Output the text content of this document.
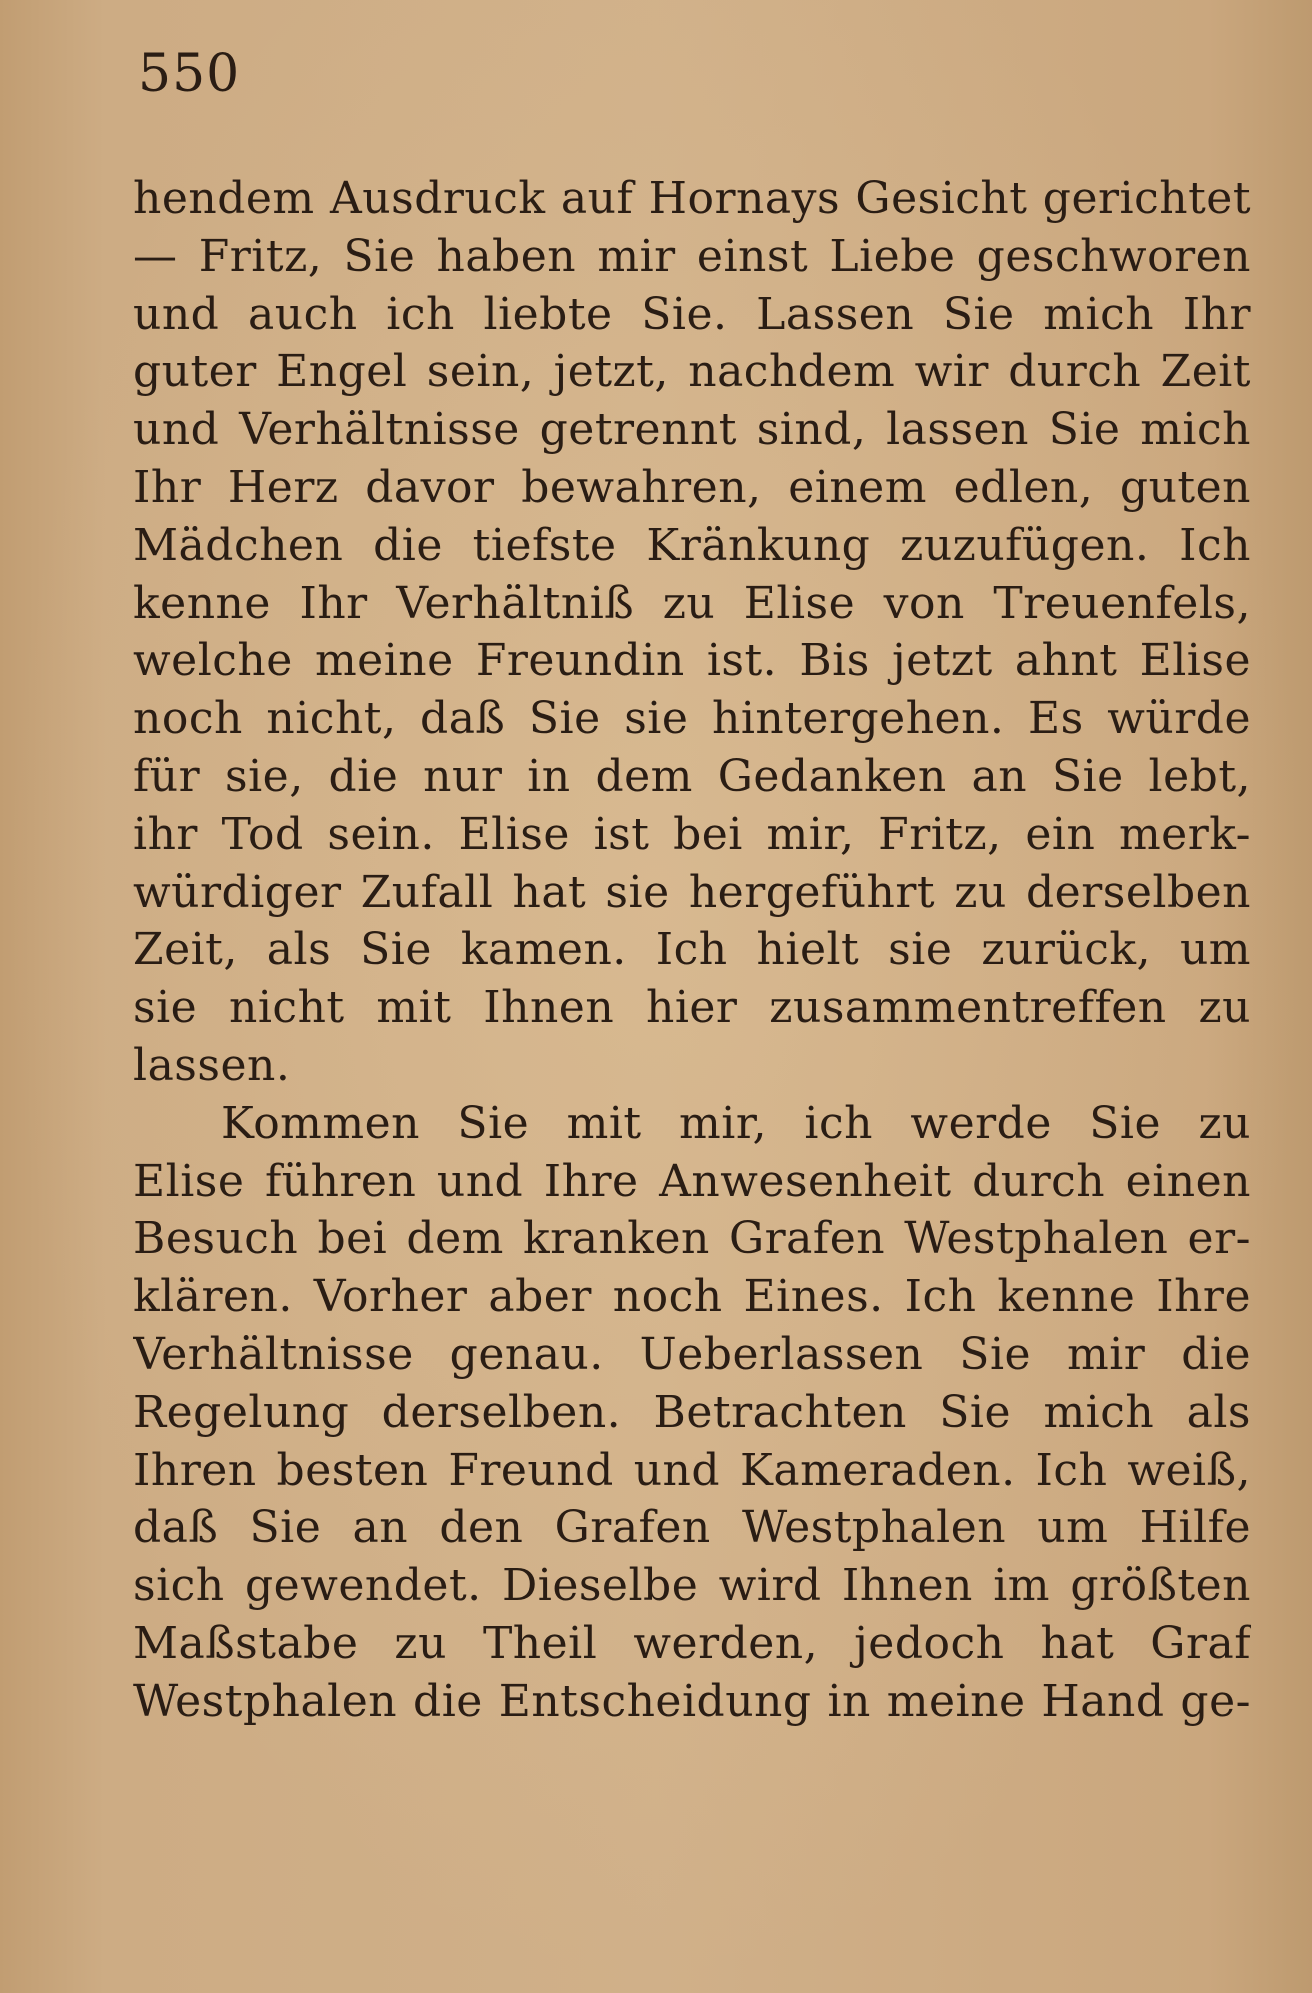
550

hendem Ausdruck auf Hornays Gesicht gerichtet
— Fritz, Sie haben mir einst Liebe geschworen
und auch ich liebte Sie. Lassen Sie mich Ihr
guter Engel sein, jetzt, nachdem wir durch Zeit
und Verhältnisse getrennt sind, lassen Sie mich
Ihr Herz davor bewahren, einem edlen, guten
Mädchen die tiefste Kränkung zuzufügen. Ich
kenne Ihr Verhältniß zu Elise von Treuenfels,
welche meine Freundin ist. Bis jetzt ahnt Elise
noch nicht, daß Sie sie hintergehen. Es würde
für sie, die nur in dem Gedanken an Sie lebt,
ihr Tod sein. Elise ist bei mir, Fritz, ein merk-
würdiger Zufall hat sie hergeführt zu derselben
Zeit, als Sie kamen. Ich hielt sie zurück, um
sie nicht mit Ihnen hier zusammentreffen zu
lassen.

Kommen Sie mit mir, ich werde Sie zu
Elise führen und Ihre Anwesenheit durch einen
Besuch bei dem kranken Grafen Westphalen er-
klären. Vorher aber noch Eines. Ich kenne Ihre
Verhältnisse genau. Ueberlassen Sie mir die
Regelung derselben. Betrachten Sie mich als
Ihren besten Freund und Kameraden. Ich weiß,
daß Sie an den Grafen Westphalen um Hilfe
sich gewendet. Dieselbe wird Ihnen im größten
Maßstabe zu Theil werden, jedoch hat Graf
Westphalen die Entscheidung in meine Hand ge-
